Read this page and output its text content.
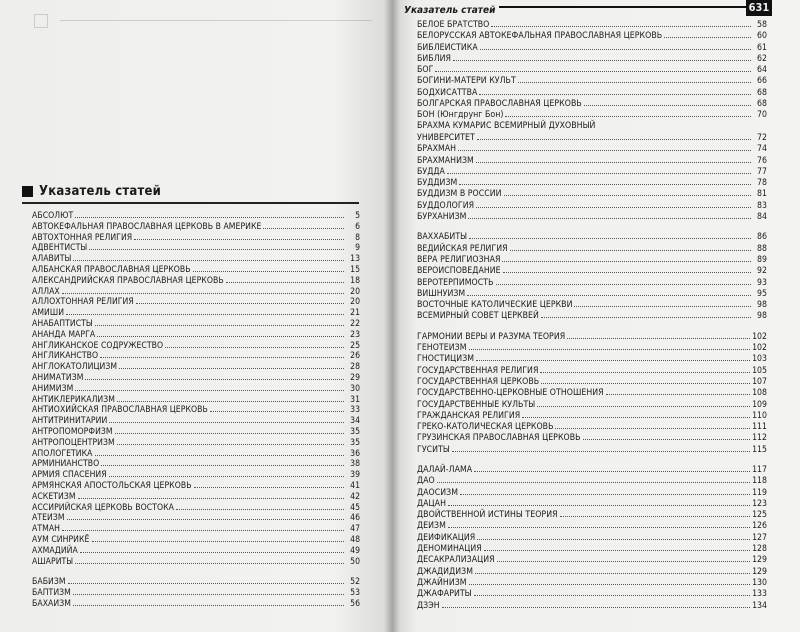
Указатель статей
АБСОЛЮТ	5
АВТОКЕФАЛЬНАЯ ПРАВОСЛАВНАЯ ЦЕРКОВЬ В АМЕРИКЕ	6
АВТОХТОННАЯ РЕЛИГИЯ	8
АДВЕНТИСТЫ	9
АЛАВИТЫ	13
АЛБАНСКАЯ ПРАВОСЛАВНАЯ ЦЕРКОВЬ	15
АЛЕКСАНДРИЙСКАЯ ПРАВОСЛАВНАЯ ЦЕРКОВЬ	18
АЛЛАХ	20
АЛЛОХТОННАЯ РЕЛИГИЯ	20
АМИШИ	21
АНАБАПТИСТЫ	22
АНАНДА МАРГА	23
АНГЛИКАНСКОЕ СОДРУЖЕСТВО	25
АНГЛИКАНСТВО	26
АНГЛОКАТОЛИЦИЗМ	28
АНИМАТИЗМ	29
АНИМИЗМ	30
АНТИКЛЕРИКАЛИЗМ	31
АНТИОХИЙСКАЯ ПРАВОСЛАВНАЯ ЦЕРКОВЬ	33
АНТИТРИНИТАРИИ	34
АНТРОПОМОРФИЗМ	35
АНТРОПОЦЕНТРИЗМ	35
АПОЛОГЕТИКА	36
АРМИНИАНСТВО	38
АРМИЯ СПАСЕНИЯ	39
АРМЯНСКАЯ АПОСТОЛЬСКАЯ ЦЕРКОВЬ	41
АСКЕТИЗМ	42
АССИРИЙСКАЯ ЦЕРКОВЬ ВОСТОКА	45
АТЕИЗМ	46
АТМАН	47
АУМ СИНРИКЁ	48
АХМАДИЙА	49
АШАРИТЫ	50
БАБИЗМ	52
БАПТИЗМ	53
БАХАИЗМ	56
Указатель статей	631
БЕЛОЕ БРАТСТВО	58
БЕЛОРУССКАЯ АВТОКЕФАЛЬНАЯ ПРАВОСЛАВНАЯ ЦЕРКОВЬ	60
БИБЛЕИСТИКА	61
БИБЛИЯ	62
БОГ	64
БОГИНИ-МАТЕРИ КУЛЬТ	66
БОДХИСАТТВА	68
БОЛГАРСКАЯ ПРАВОСЛАВНАЯ ЦЕРКОВЬ	68
БОН (Юнгдрунг Бон)	70
БРАХМА КУМАРИС ВСЕМИРНЫЙ ДУХОВНЫЙ
УНИВЕРСИТЕТ	72
БРАХМАН	74
БРАХМАНИЗМ	76
БУДДА	77
БУДДИЗМ	78
БУДДИЗМ В РОССИИ	81
БУДДОЛОГИЯ	83
БУРХАНИЗМ	84
ВАХХАБИТЫ	86
ВЕДИЙСКАЯ РЕЛИГИЯ	88
ВЕРА РЕЛИГИОЗНАЯ	89
ВЕРОИСПОВЕДАНИЕ	92
ВЕРОТЕРПИМОСТЬ	93
ВИШНУИЗМ	95
ВОСТОЧНЫЕ КАТОЛИЧЕСКИЕ ЦЕРКВИ	98
ВСЕМИРНЫЙ СОВЕТ ЦЕРКВЕЙ	98
ГАРМОНИИ ВЕРЫ И РАЗУМА ТЕОРИЯ	102
ГЕНОТЕИЗМ	102
ГНОСТИЦИЗМ	103
ГОСУДАРСТВЕННАЯ РЕЛИГИЯ	105
ГОСУДАРСТВЕННАЯ ЦЕРКОВЬ	107
ГОСУДАРСТВЕННО-ЦЕРКОВНЫЕ ОТНОШЕНИЯ	108
ГОСУДАРСТВЕННЫЕ КУЛЬТЫ	109
ГРАЖДАНСКАЯ РЕЛИГИЯ	110
ГРЕКО-КАТОЛИЧЕСКАЯ ЦЕРКОВЬ	111
ГРУЗИНСКАЯ ПРАВОСЛАВНАЯ ЦЕРКОВЬ	112
ГУСИТЫ	115
ДАЛАЙ-ЛАМА	117
ДАО	118
ДАОСИЗМ	119
ДАЦАН	123
ДВОЙСТВЕННОЙ ИСТИНЫ ТЕОРИЯ	125
ДЕИЗМ	126
ДЕИФИКАЦИЯ	127
ДЕНОМИНАЦИЯ	128
ДЕСАКРАЛИЗАЦИЯ	129
ДЖАДИДИЗМ	129
ДЖАЙНИЗМ	130
ДЖАФАРИТЫ	133
ДЗЭН	134
